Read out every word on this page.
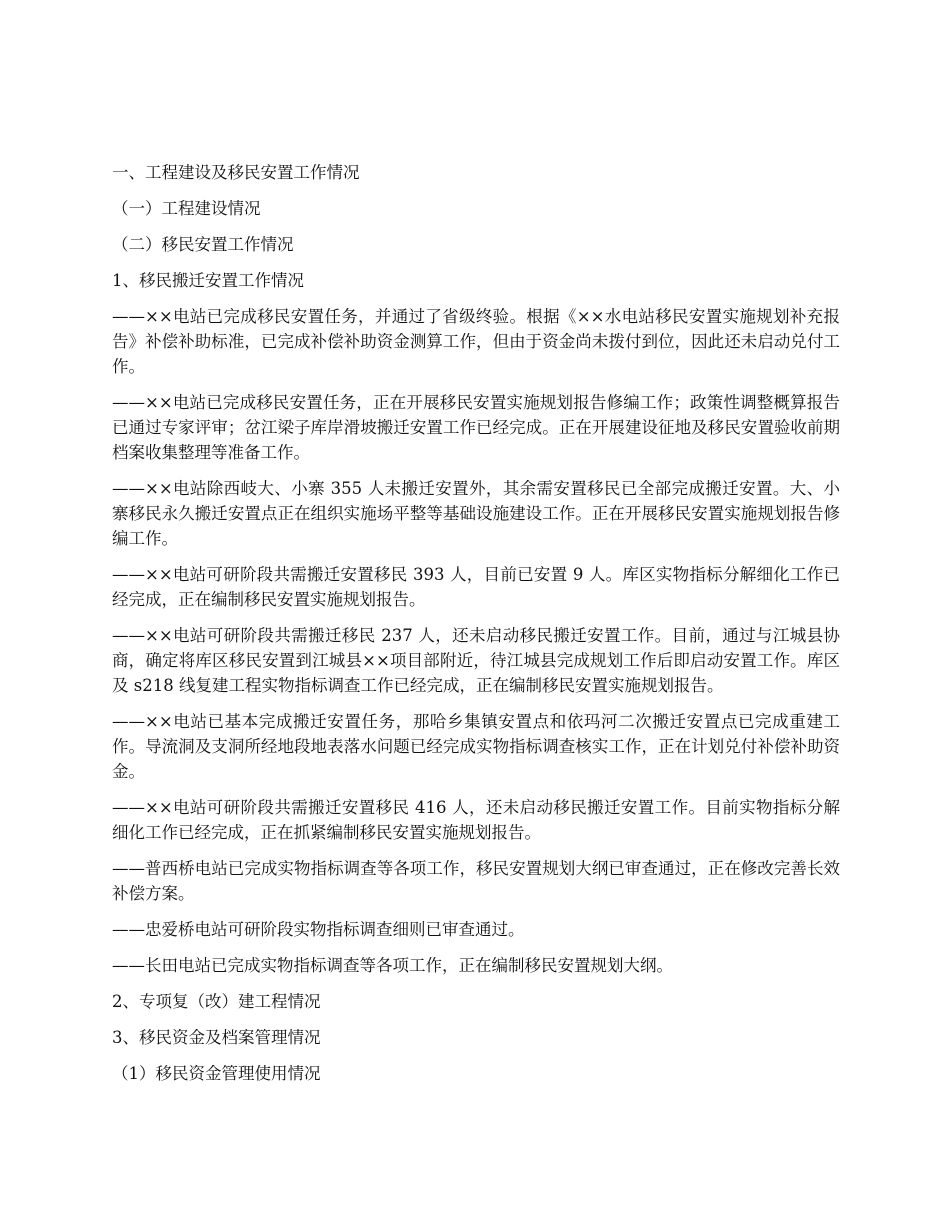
一、工程建设及移民安置工作情况

（一）工程建设情况

（二）移民安置工作情况

1、移民搬迁安置工作情况

——××电站已完成移民安置任务，并通过了省级终验。根据《××水电站移民安置实施规划补充报告》补偿补助标准，已完成补偿补助资金测算工作，但由于资金尚未拨付到位，因此还未启动兑付工作。

——××电站已完成移民安置任务，正在开展移民安置实施规划报告修编工作；政策性调整概算报告已通过专家评审；岔江梁子库岸滑坡搬迁安置工作已经完成。正在开展建设征地及移民安置验收前期档案收集整理等准备工作。

——××电站除西岐大、小寨 355 人未搬迁安置外，其余需安置移民已全部完成搬迁安置。大、小寨移民永久搬迁安置点正在组织实施场平整等基础设施建设工作。正在开展移民安置实施规划报告修编工作。

——××电站可研阶段共需搬迁安置移民 393 人，目前已安置 9 人。库区实物指标分解细化工作已经完成，正在编制移民安置实施规划报告。

——××电站可研阶段共需搬迁移民 237 人，还未启动移民搬迁安置工作。目前，通过与江城县协商，确定将库区移民安置到江城县××项目部附近，待江城县完成规划工作后即启动安置工作。库区及 s218 线复建工程实物指标调查工作已经完成，正在编制移民安置实施规划报告。

——××电站已基本完成搬迁安置任务，那哈乡集镇安置点和依玛河二次搬迁安置点已完成重建工作。导流洞及支洞所经地段地表落水问题已经完成实物指标调查核实工作，正在计划兑付补偿补助资金。

——××电站可研阶段共需搬迁安置移民 416 人，还未启动移民搬迁安置工作。目前实物指标分解细化工作已经完成，正在抓紧编制移民安置实施规划报告。

——普西桥电站已完成实物指标调查等各项工作，移民安置规划大纲已审查通过，正在修改完善长效补偿方案。

——忠爱桥电站可研阶段实物指标调查细则已审查通过。

——长田电站已完成实物指标调查等各项工作，正在编制移民安置规划大纲。

2、专项复（改）建工程情况

3、移民资金及档案管理情况

（1）移民资金管理使用情况
